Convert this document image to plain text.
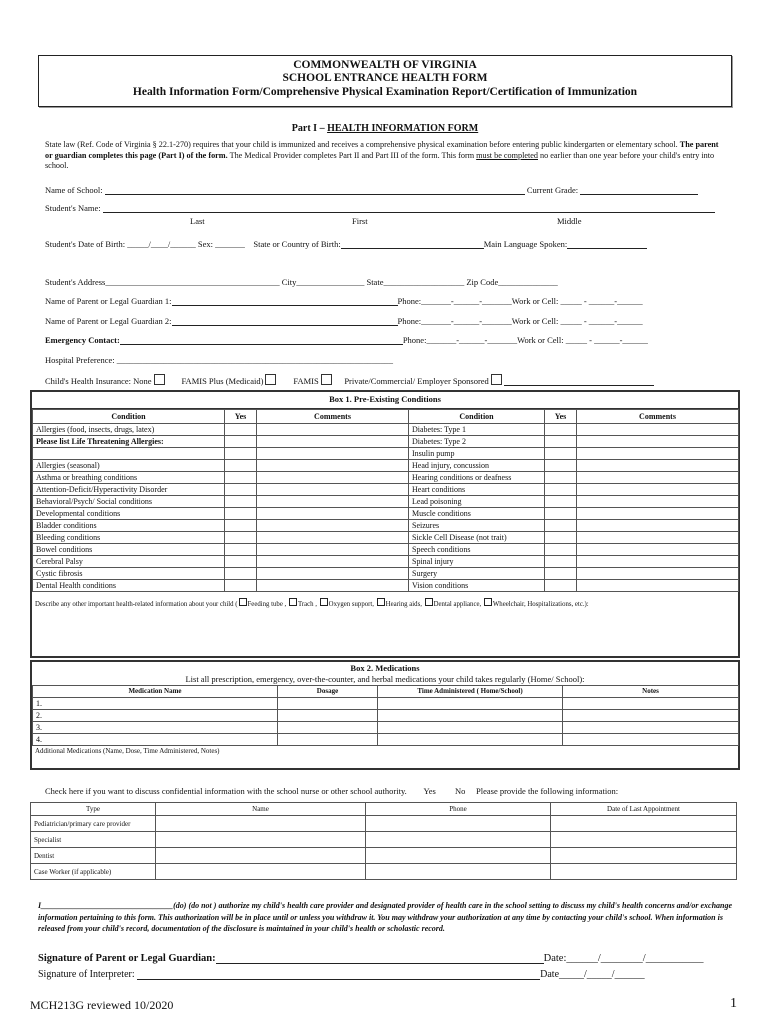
COMMONWEALTH OF VIRGINIA
SCHOOL ENTRANCE HEALTH FORM
Health Information Form/Comprehensive Physical Examination Report/Certification of Immunization
Part I – HEALTH INFORMATION FORM
State law (Ref. Code of Virginia § 22.1-270) requires that your child is immunized and receives a comprehensive physical examination before entering public kindergarten or elementary school. The parent or guardian completes this page (Part I) of the form. The Medical Provider completes Part II and Part III of the form. This form must be completed no earlier than one year before your child's entry into school.
Name of School:	Current Grade:
Student's Name:
Last	First	Middle
Student's Date of Birth: _____/____/______ Sex: _______ State or Country of Birth:	Main Language Spoken:
Student's Address_________________________________________ City________________ State___________________ Zip Code______________
Name of Parent or Legal Guardian 1:	Phone:_______-______-_______Work or Cell: _____ - ______-______
Name of Parent or Legal Guardian 2:	Phone:_______-______-_______Work or Cell: _____ - ______-______
Emergency Contact:	Phone:_______-______-_______Work or Cell: _____ - ______-______
Hospital Preference: _________________________________________________________________
Child's Health Insurance: None	FAMIS Plus (Medicaid)	FAMIS	Private/Commercial/ Employer Sponsored
Box 1. Pre-Existing Conditions
Condition	Yes	Comments	Condition	Yes	Comments
Allergies (food, insects, drugs, latex)			Diabetes: Type 1		
Please list Life Threatening Allergies:			Diabetes: Type 2		
			Insulin pump		
Allergies (seasonal)			Head injury, concussion		
Asthma or breathing conditions			Hearing conditions or deafness		
Attention-Deficit/Hyperactivity Disorder			Heart conditions		
Behavioral/Psych/ Social conditions			Lead poisoning		
Developmental conditions			Muscle conditions		
Bladder conditions			Seizures		
Bleeding conditions			Sickle Cell Disease (not trait)		
Bowel conditions			Speech conditions		
Cerebral Palsy			Spinal injury		
Cystic fibrosis			Surgery		
Dental Health conditions			Vision conditions		
Describe any other important health-related information about your child ( Feeding tube , Trach , Oxygen support, Hearing aids, Dental appliance, Wheelchair, Hospitalizations, etc.):
Box 2. Medications
List all prescription, emergency, over-the-counter, and herbal medications your child takes regularly (Home/ School):
Medication Name	Dosage	Time Administered ( Home/School)	Notes
1.			
2.			
3.			
4.			
Additional Medications (Name, Dose, Time Administered, Notes)
Check here if you want to discuss confidential information with the school nurse or other school authority. Yes No Please provide the following information:
Type	Name	Phone	Date of Last Appointment
Pediatrician/primary care provider			
Specialist			
Dentist			
Case Worker (if applicable)			
I_________________________________(do) (do not ) authorize my child's health care provider and designated provider of health care in the school setting to discuss my child's health concerns and/or exchange information pertaining to this form. This authorization will be in place until or unless you withdraw it. You may withdraw your authorization at any time by contacting your child's school. When information is released from your child's record, documentation of the disclosure is maintained in your child's health or scholastic record.
Signature of Parent or Legal Guardian:	Date:______/________/___________
Signature of Interpreter:	Date_____/_____/______
MCH213G reviewed 10/2020	1
